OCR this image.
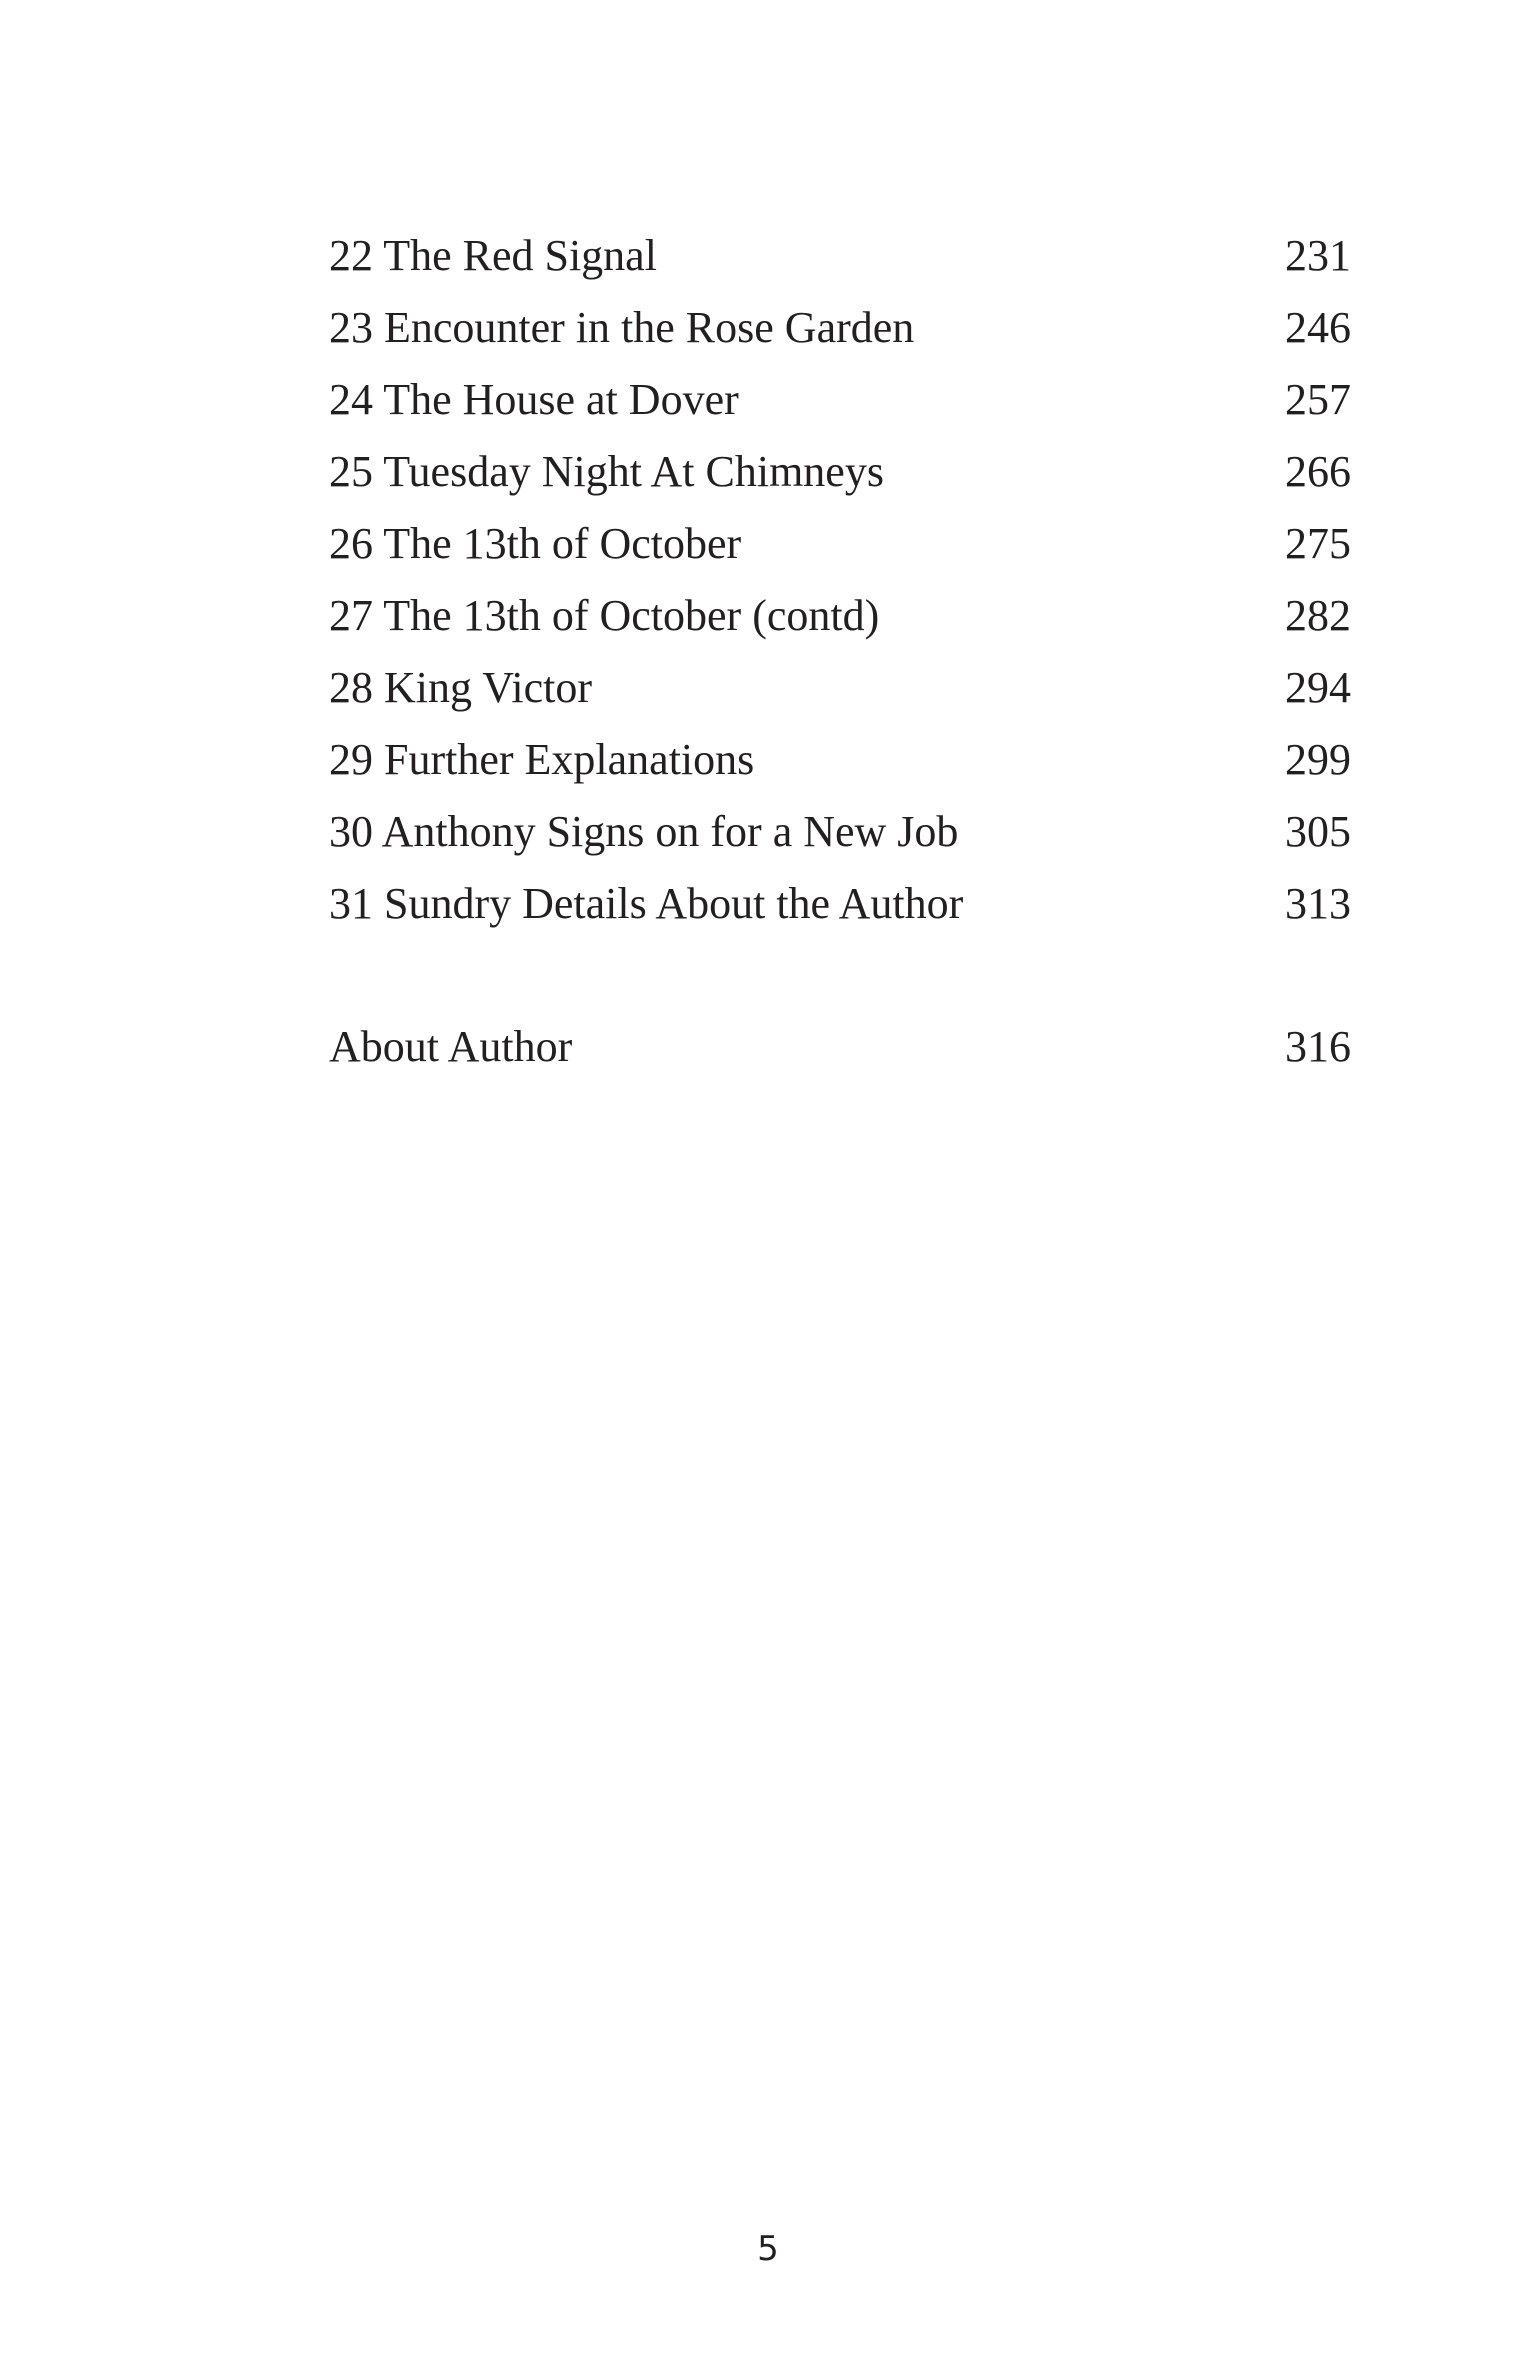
22 The Red Signal	231
23 Encounter in the Rose Garden	246
24 The House at Dover	257
25 Tuesday Night At Chimneys	266
26 The 13th of October	275
27 The 13th of October (contd)	282
28 King Victor	294
29 Further Explanations	299
30 Anthony Signs on for a New Job	305
31 Sundry Details About the Author	313
About Author	316
5
